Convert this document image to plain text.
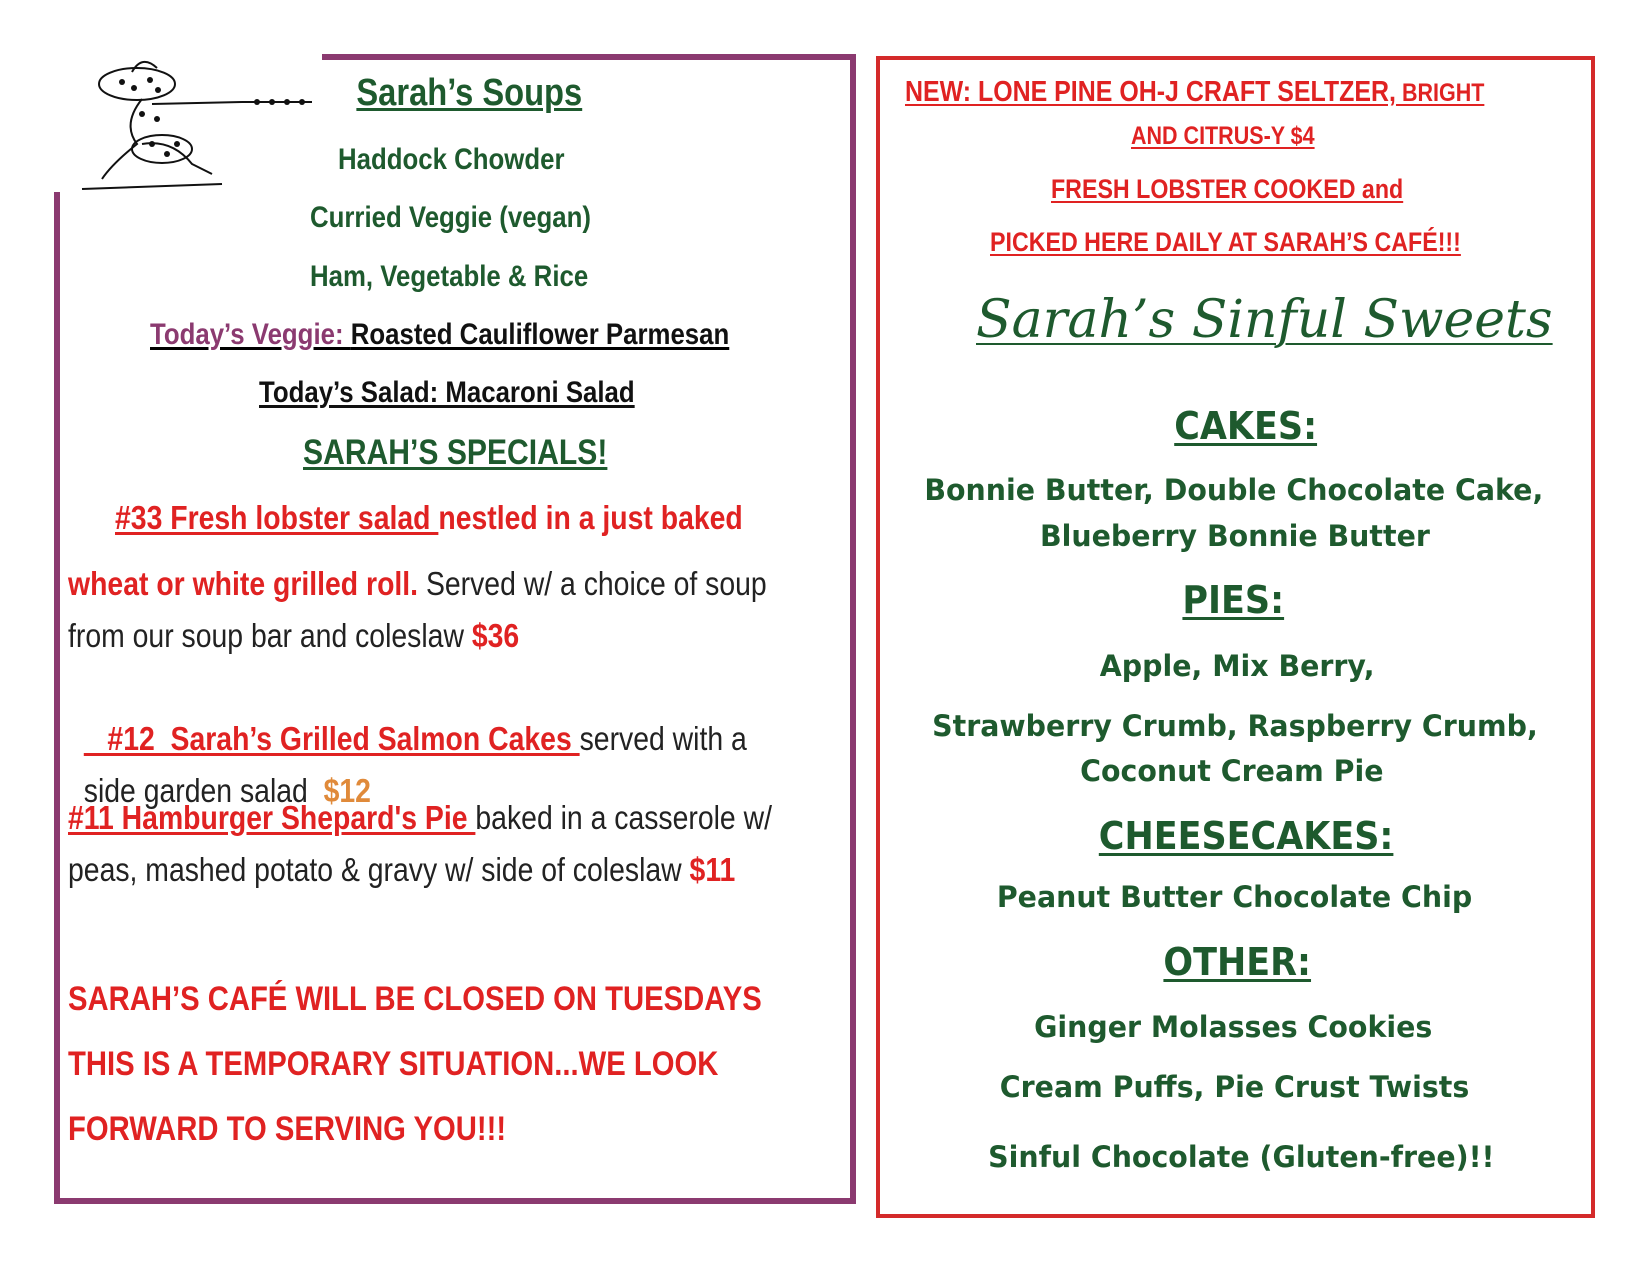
Sarah’s Soups
Haddock Chowder
Curried Veggie (vegan)
Ham, Vegetable & Rice
Today’s Veggie: Roasted Cauliflower Parmesan
Today’s Salad: Macaroni Salad
SARAH’S SPECIALS!
#33 Fresh lobster salad nestled in a just baked
wheat or white grilled roll. Served w/ a choice of soup
from our soup bar and coleslaw $36

#12  Sarah’s Grilled Salmon Cakes served with a

side garden salad  $12

#11 Hamburger Shepard's Pie baked in a casserole w/
peas, mashed potato & gravy w/ side of coleslaw $11
SARAH’S CAFÉ WILL BE CLOSED ON TUESDAYS
THIS IS A TEMPORARY SITUATION...WE LOOK
FORWARD TO SERVING YOU!!!
NEW: LONE PINE OH-J CRAFT SELTZER, BRIGHT
AND CITRUS-Y $4
FRESH LOBSTER COOKED and
PICKED HERE DAILY AT SARAH’S CAFÉ!!!
Sarah’s Sinful Sweets
CAKES:
Bonnie Butter, Double Chocolate Cake,
Blueberry Bonnie Butter
PIES:
Apple, Mix Berry,
Strawberry Crumb, Raspberry Crumb,
Coconut Cream Pie
CHEESECAKES:
Peanut Butter Chocolate Chip
OTHER:
Ginger Molasses Cookies
Cream Puffs, Pie Crust Twists
Sinful Chocolate (Gluten-free)!!
